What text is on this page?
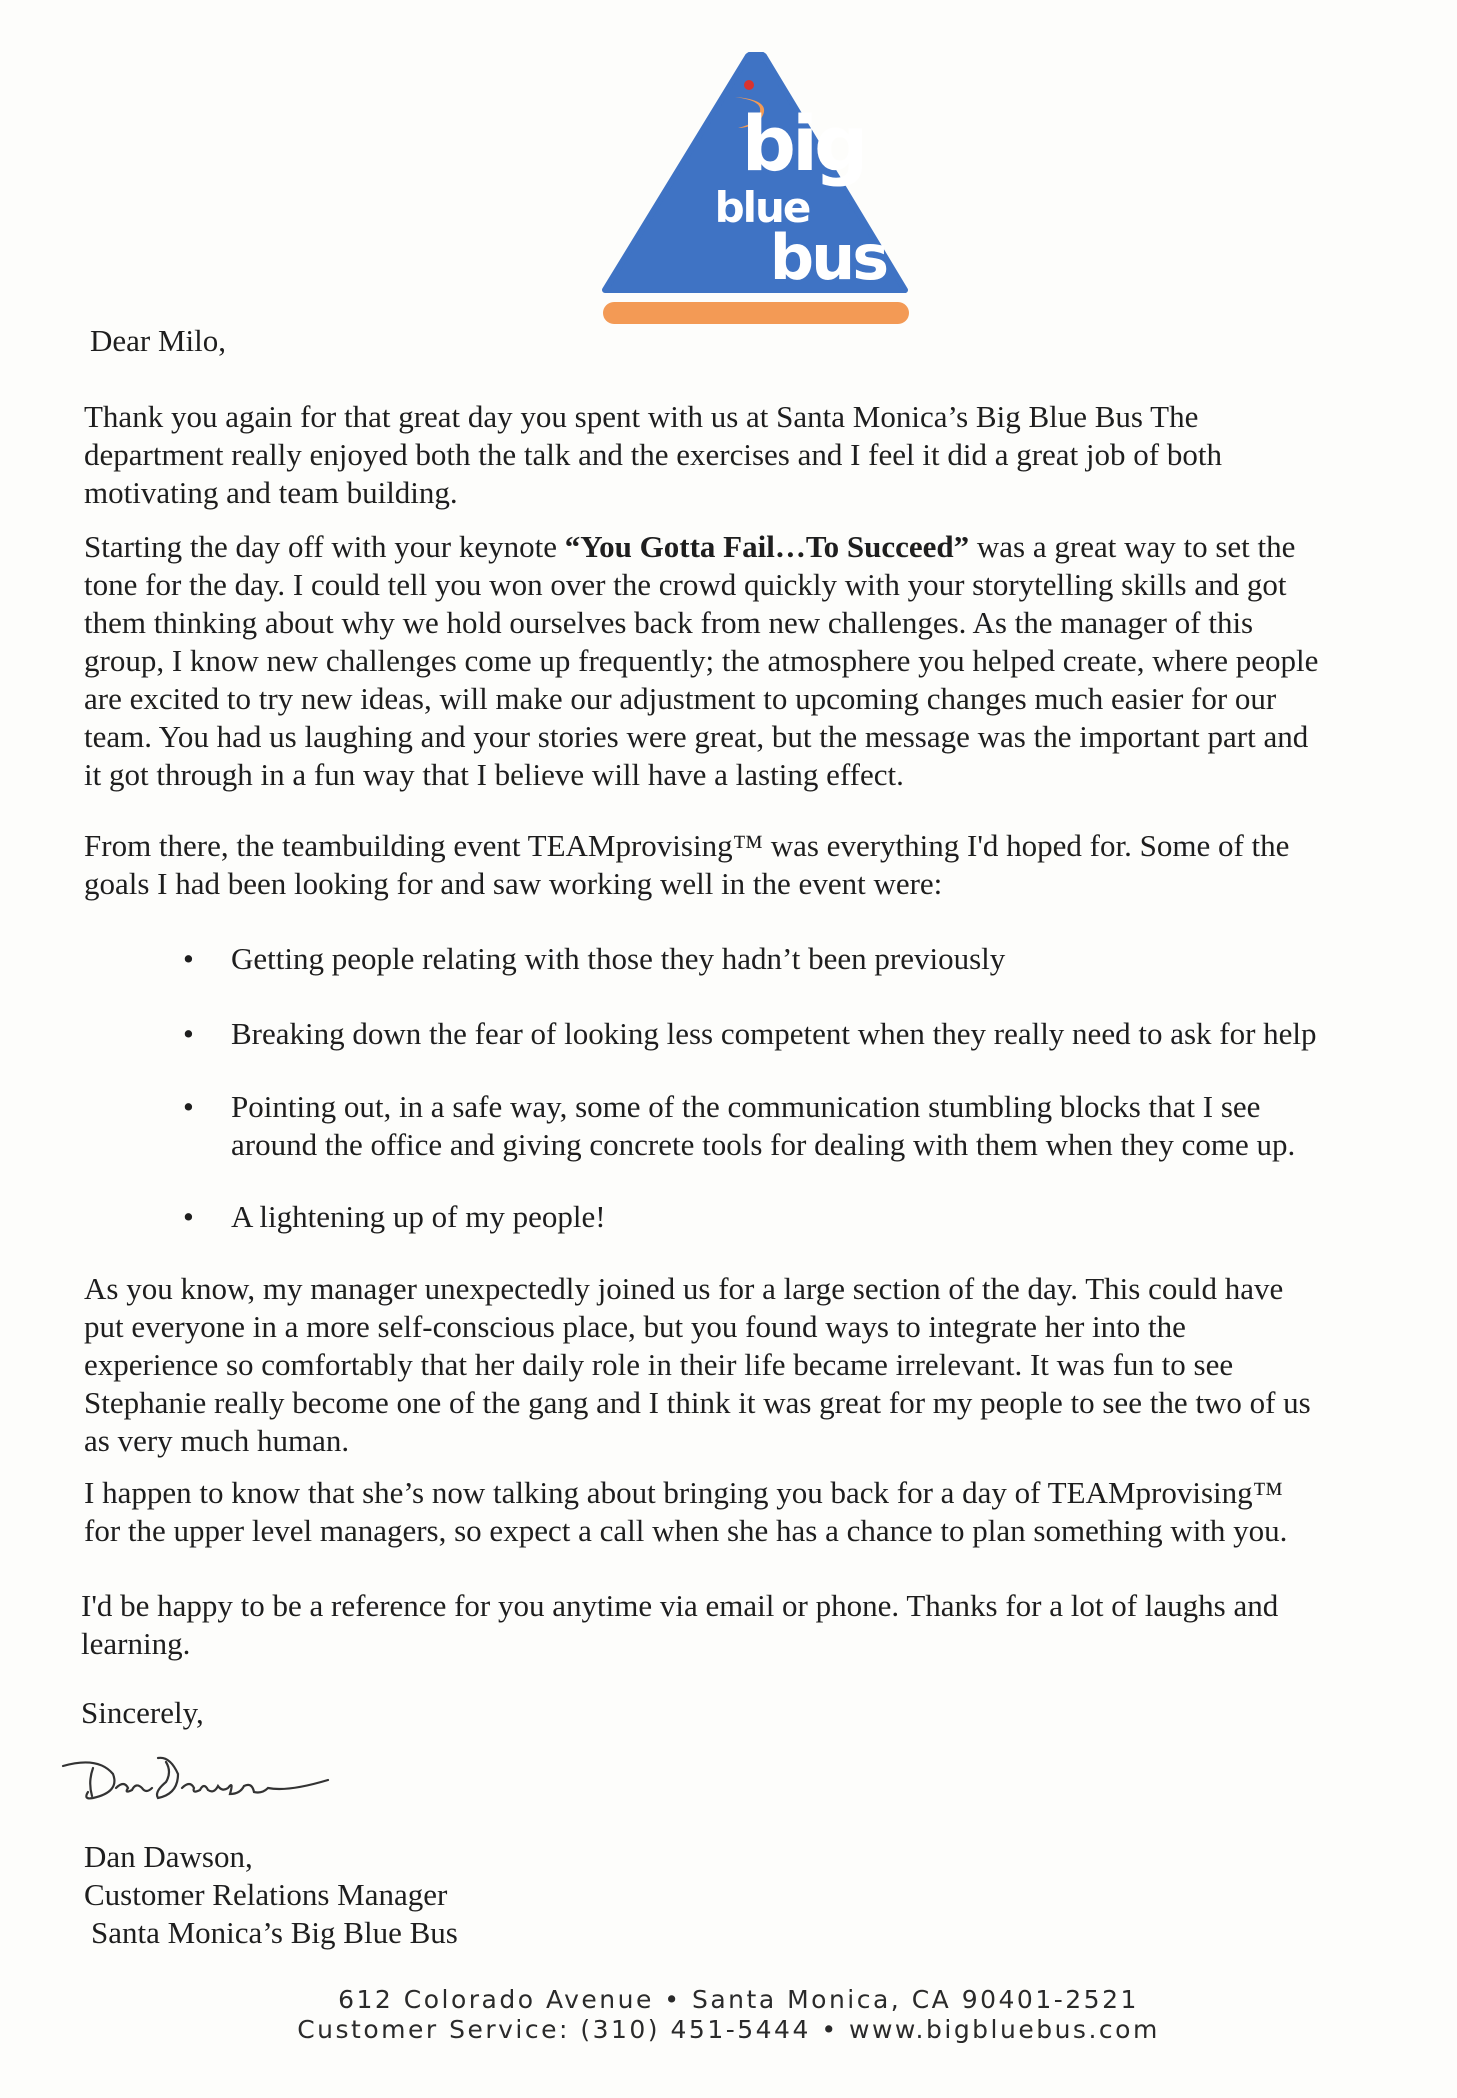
big
blue
bus
Dear Milo,
Thank you again for that great day you spent with us at Santa Monica’s Big Blue Bus The
department really enjoyed both the talk and the exercises and I feel it did a great job of both
motivating and team building.
Starting the day off with your keynote “You Gotta Fail…To Succeed” was a great way to set the
tone for the day. I could tell you won over the crowd quickly with your storytelling skills and got
them thinking about why we hold ourselves back from new challenges. As the manager of this
group, I know new challenges come up frequently; the atmosphere you helped create, where people
are excited to try new ideas, will make our adjustment to upcoming changes much easier for our
team. You had us laughing and your stories were great, but the message was the important part and
it got through in a fun way that I believe will have a lasting effect.
From there, the teambuilding event TEAMprovising™ was everything I'd hoped for. Some of the
goals I had been looking for and saw working well in the event were:
• Getting people relating with those they hadn’t been previously
• Breaking down the fear of looking less competent when they really need to ask for help
• Pointing out, in a safe way, some of the communication stumbling blocks that I see
around the office and giving concrete tools for dealing with them when they come up.
• A lightening up of my people!
As you know, my manager unexpectedly joined us for a large section of the day. This could have
put everyone in a more self-conscious place, but you found ways to integrate her into the
experience so comfortably that her daily role in their life became irrelevant. It was fun to see
Stephanie really become one of the gang and I think it was great for my people to see the two of us
as very much human.
I happen to know that she’s now talking about bringing you back for a day of TEAMprovising™
for the upper level managers, so expect a call when she has a chance to plan something with you.
I'd be happy to be a reference for you anytime via email or phone. Thanks for a lot of laughs and
learning.
Sincerely,
Dan Dawson,
Customer Relations Manager
Santa Monica’s Big Blue Bus
612 Colorado Avenue • Santa Monica, CA 90401-2521
Customer Service: (310) 451-5444 • www.bigbluebus.com
